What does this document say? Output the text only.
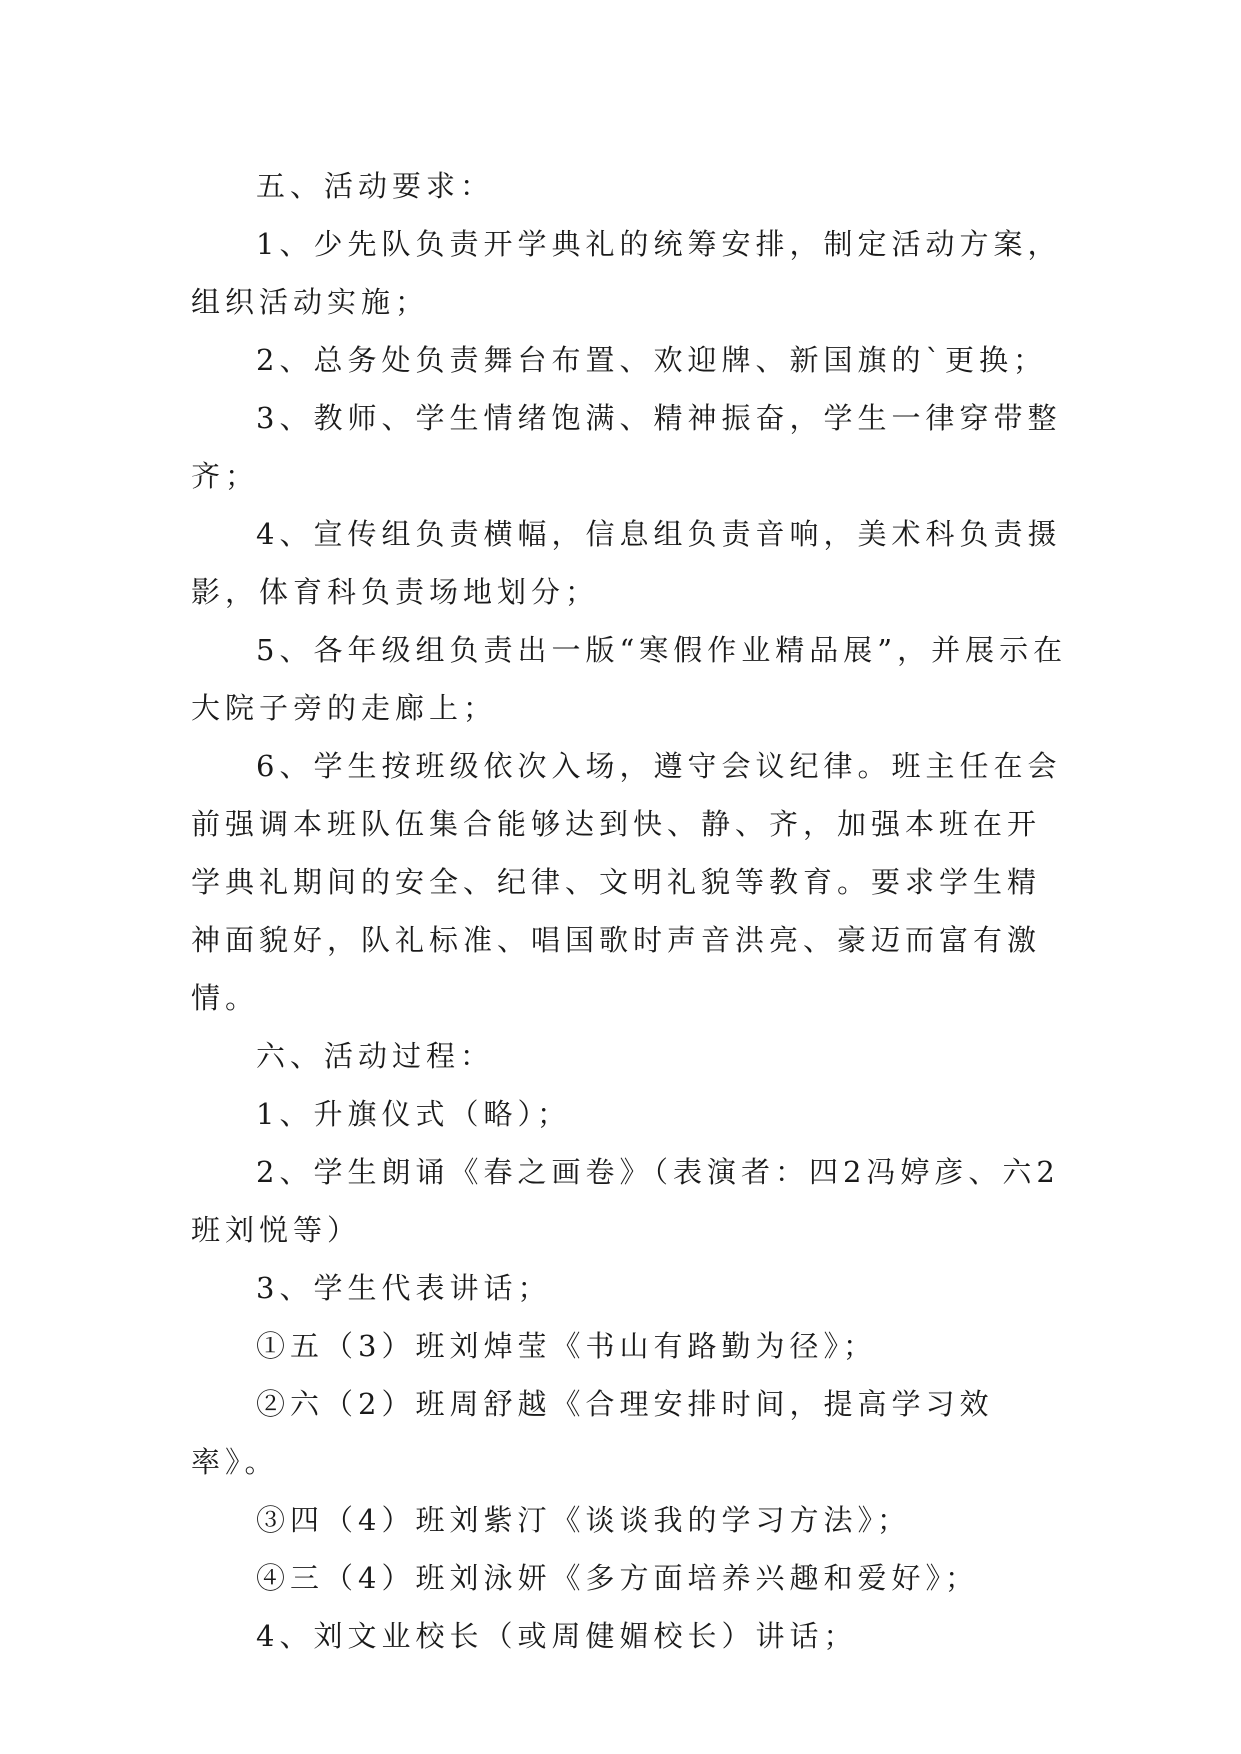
五、活动要求：

1、少先队负责开学典礼的统筹安排，制定活动方案，组织活动实施；

2、总务处负责舞台布置、欢迎牌、新国旗的`更换；

3、教师、学生情绪饱满、精神振奋，学生一律穿带整齐；

4、宣传组负责横幅，信息组负责音响，美术科负责摄影，体育科负责场地划分；

5、各年级组负责出一版“寒假作业精品展”，并展示在大院子旁的走廊上；

6、学生按班级依次入场，遵守会议纪律。班主任在会前强调本班队伍集合能够达到快、静、齐，加强本班在开学典礼期间的安全、纪律、文明礼貌等教育。要求学生精神面貌好，队礼标准、唱国歌时声音洪亮、豪迈而富有激情。

六、活动过程：

1、升旗仪式（略）；

2、学生朗诵《春之画卷》（表演者：四2冯婷彦、六2班刘悦等）

3、学生代表讲话；

①五（3）班刘焯莹《书山有路勤为径》；

②六（2）班周舒越《合理安排时间，提高学习效率》。

③四（4）班刘紫汀《谈谈我的学习方法》；

④三（4）班刘泳妍《多方面培养兴趣和爱好》；

4、刘文业校长（或周健媚校长）讲话；
